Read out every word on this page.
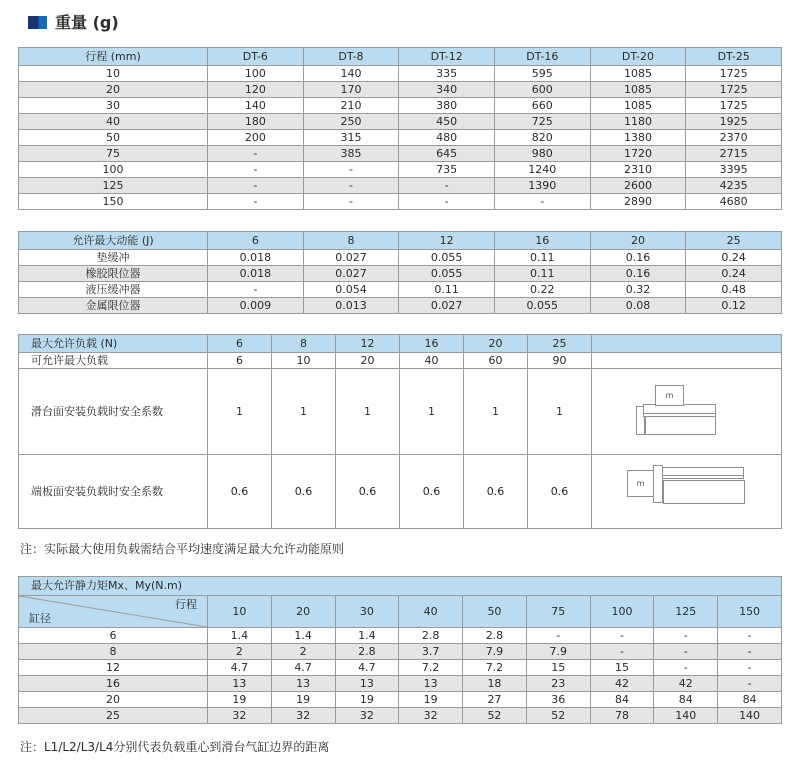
重量 (g)
行程 (mm)	DT-6	DT-8	DT-12	DT-16	DT-20	DT-25
10	100	140	335	595	1085	1725
20	120	170	340	600	1085	1725
30	140	210	380	660	1085	1725
40	180	250	450	725	1180	1925
50	200	315	480	820	1380	2370
75	-	385	645	980	1720	2715
100	-	-	735	1240	2310	3395
125	-	-	-	1390	2600	4235
150	-	-	-	-	2890	4680
允许最大动能 (J)	6	8	12	16	20	25
垫缓冲	0.018	0.027	0.055	0.11	0.16	0.24
橡胶限位器	0.018	0.027	0.055	0.11	0.16	0.24
液压缓冲器	-	0.054	0.11	0.22	0.32	0.48
金属限位器	0.009	0.013	0.027	0.055	0.08	0.12
最大允许负载 (N)	6	8	12	16	20	25	
可允许最大负载	6	10	20	40	60	90	
滑台面安装负载时安全系数	1	1	1	1	1	1	m

端板面安装负载时安全系数	0.6	0.6	0.6	0.6	0.6	0.6	m

注：实际最大使用负载需结合平均速度满足最大允许动能原则

最大允许静力矩Mx、My(N.m)									

行程
缸径	10	20	30	40	50	75	100	125	150
6	1.4	1.4	1.4	2.8	2.8	-	-	-	-
8	2	2	2.8	3.7	7.9	7.9	-	-	-
12	4.7	4.7	4.7	7.2	7.2	15	15	-	-
16	13	13	13	13	18	23	42	42	-
20	19	19	19	19	27	36	84	84	84
25	32	32	32	32	52	52	78	140	140

注：L1/L2/L3/L4分别代表负载重心到滑台气缸边界的距离
